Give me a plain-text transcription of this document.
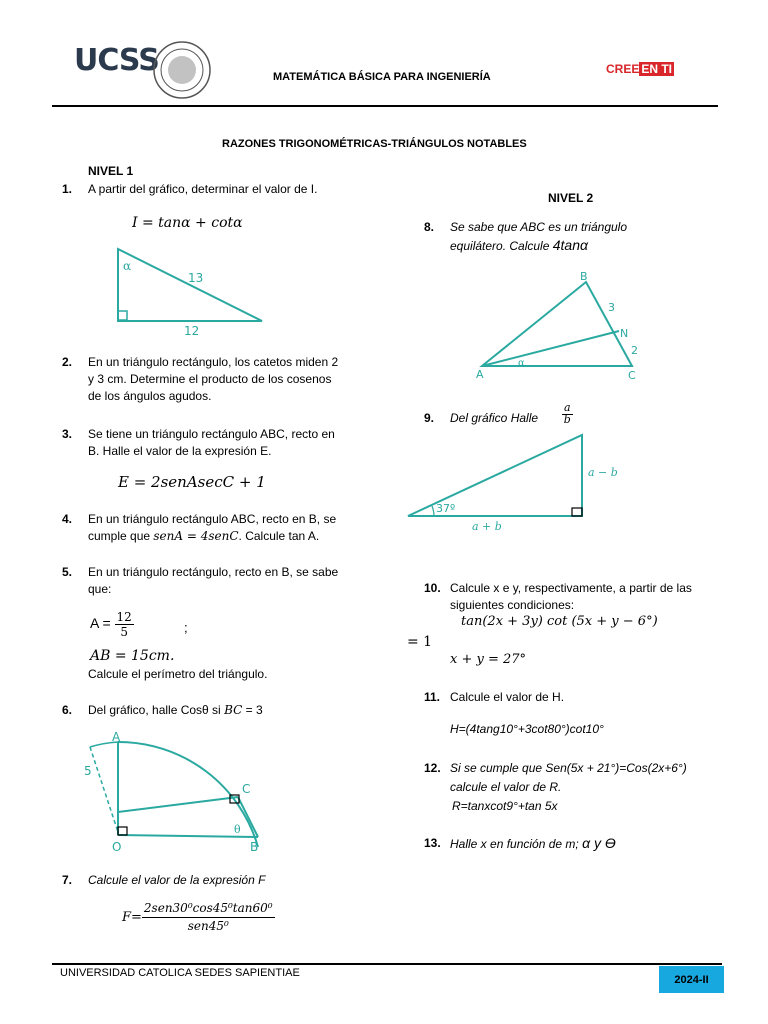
UCSS	MATEMÁTICA BÁSICA PARA INGENIERÍA
CREE EN TI
RAZONES TRIGONOMÉTRICAS-TRIÁNGULOS NOTABLES
NIVEL 1
1. A partir del gráfico, determinar el valor de I.
I = tanα + cotα
α
13
12
2. En un triángulo rectángulo, los catetos miden 2
y 3 cm. Determine el producto de los cosenos
de los ángulos agudos.
3. Se tiene un triángulo rectángulo ABC, recto en
B. Halle el valor de la expresión E.
E = 2senAsecC + 1
4. En un triángulo rectángulo ABC, recto en B, se
cumple que senA = 4senC. Calcule tan A.
5. En un triángulo rectángulo, recto en B, se sabe
que:
$A = \frac{12}{5}$	;
AB = 15cm.
Calcule el perímetro del triángulo.
6. Del gráfico, halle Cosθ si BC = 3
A
B
C
O
5
θ
7. Calcule el valor de la expresión F
$F= \frac{\text{2sen30⁰cos45⁰tan60⁰}}{\text{sen45⁰}}$
NIVEL 2
8. Se sabe que ABC es un triángulo
equilátero. Calcule 4tanα
A
B
C
N
3
2
α
9. Del gráfico Halle $\frac{a}{b}$
37º
a − b
a + b
10. Calcule x e y, respectivamente, a partir de las
siguientes condiciones:
tan(2x + 3y) cot (5x + y − 6°)
= 1
x + y = 27°
11. Calcule el valor de H.
H=(4tang10°+3cot80°)cot10°
12. Si se cumple que Sen(5x + 21°)=Cos(2x+6°)
calcule el valor de R.
R=tanxcot9°+tan 5x
13. Halle x en función de m; α y ϴ
UNIVERSIDAD CATOLICA SEDES SAPIENTIAE
2024-II
